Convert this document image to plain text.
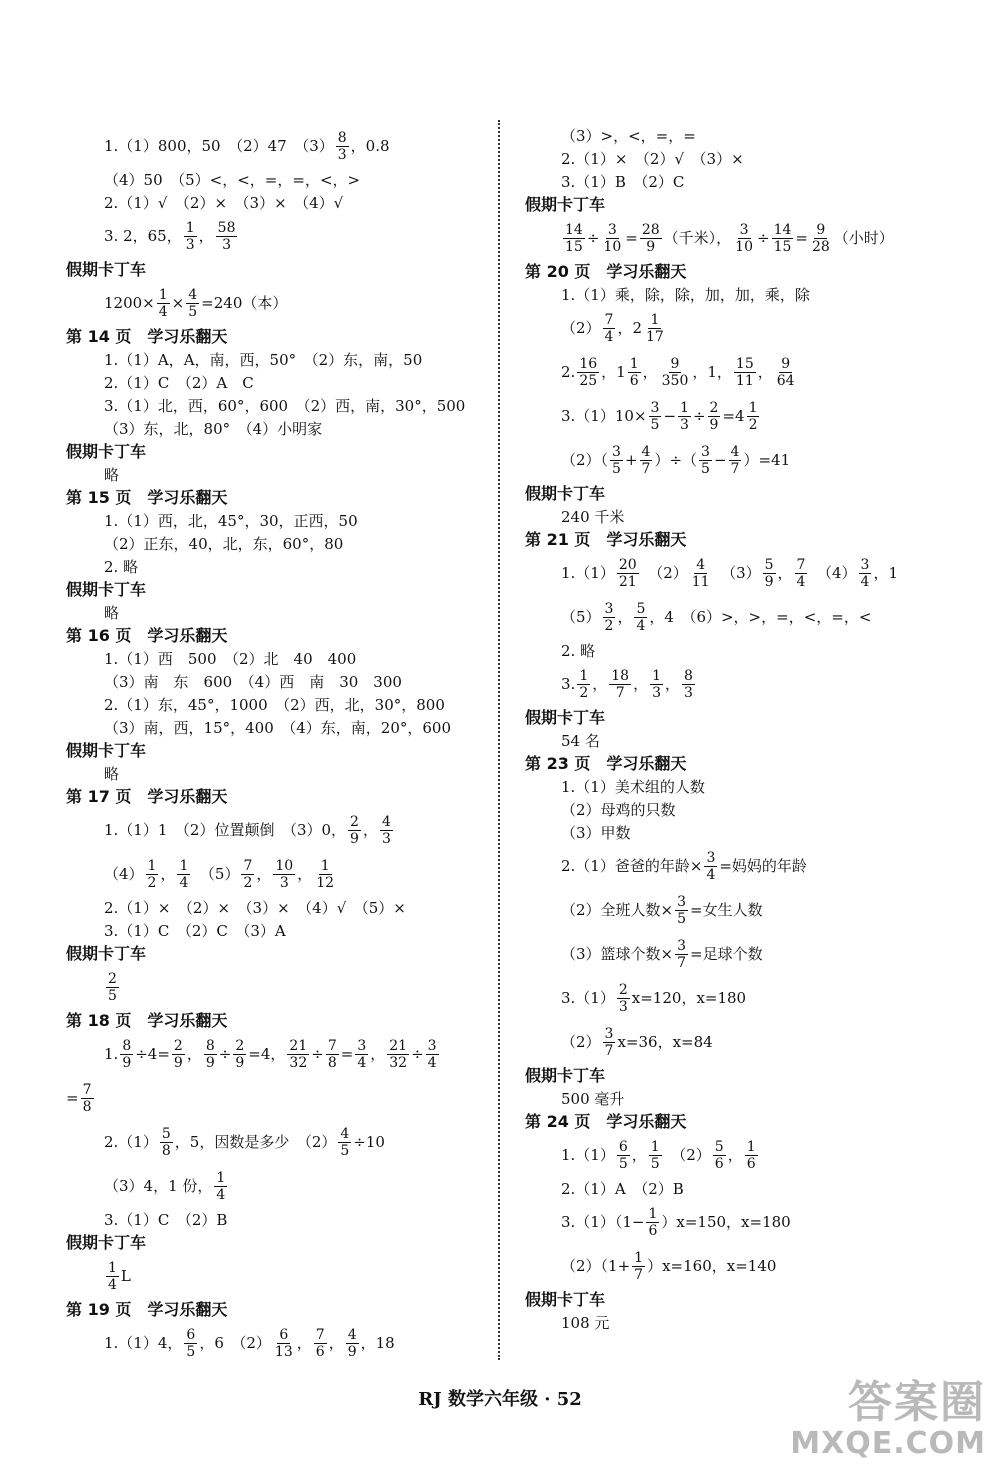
1.（1）800，50　（2）47　$(3) \frac{8}{3}$ ，0.8
（4）50　（5）<，<，=，=，<，>
2.（1）√　（2）×　（3）×　（4）√
3. 2，65， $\frac{1}{3}$ ， $\frac{58}{3}$
假期卡丁车
$1200\times \frac{1}{4} \times \frac{4}{5} =240$（本）
第 14 页　学习乐翻天
1.（1）A，A，南，西，50°　（2）东，南，50
2.（1）C　（2）A　C
3.（1）北，西，60°，600　（2）西，南，30°，500
（3）东，北，80°　（4）小明家
假期卡丁车
略
第 15 页　学习乐翻天
1.（1）西，北，45°，30，正西，50
（2）正东，40，北，东，60°，80
2. 略
假期卡丁车
略
第 16 页　学习乐翻天
1.（1）西　500　（2）北　40　400
（3）南　东　600　（4）西　南　30　300
2.（1）东，45°，1000　（2）西，北，30°，800
（3）南，西，15°，400　（4）东，南，20°，600
假期卡丁车
略
第 17 页　学习乐翻天
1.（1）1　（2）位置颠倒　（3）0， $\frac{2}{9}$ ， $\frac{4}{3}$
$(4) \frac{1}{2}$ ， $\frac{1}{4}$ 　$(5) \frac{7}{2}$ ， $\frac{10}{3}$ ， $\frac{1}{12}$
2.（1）×　（2）×　（3）×　（4）√　（5）×
3.（1）C　（2）C　（3）A
假期卡丁车
$\frac{2}{5}$
第 18 页　学习乐翻天
1. $\frac{8}{9} \div 4= \frac{2}{9}$ ， $\frac{8}{9} \div \frac{2}{9} =4$， $\frac{21}{32} \div \frac{7}{8} = \frac{3}{4}$ ， $\frac{21}{32} \div \frac{3}{4}$
= $\frac{7}{8}$
$2.(1) \frac{5}{8}$ ，5，因数是多少　$(2) \frac{4}{5} \div 10$
（3）4，1 份， $\frac{1}{4}$
3.（1）C　（2）B
假期卡丁车
$\frac{1}{4}$ L
第 19 页　学习乐翻天
1.（1）4， $\frac{6}{5}$ ，6　$(2) \frac{6}{13}$ ， $\frac{7}{6}$ ， $\frac{4}{9}$ ，18
（3）>，<，=，=
2.（1）×　（2）√　（3）×
3.（1）B　（2）C
假期卡丁车
$\frac{14}{15} \div \frac{3}{10} = \frac{28}{9}$ （千米）， $\frac{3}{10} \div \frac{14}{15} = \frac{9}{28}$ （小时）
第 20 页　学习乐翻天
1.（1）乘，除，除，加，加，乘，除
$(2) \frac{7}{4}$ ，$2 \frac{1}{17}$
2. $\frac{16}{25}$ ，$1 \frac{1}{6}$ ， $\frac{9}{350}$ ，1， $\frac{15}{11}$ ， $\frac{9}{64}$
$3.(1)10\times \frac{3}{5} - \frac{1}{3} \div \frac{2}{9} =4 \frac{1}{2}$
$(2)( \frac{3}{5} + \frac{4}{7}$ ）÷（ $\frac{3}{5} - \frac{4}{7} )=41$
假期卡丁车
240 千米
第 21 页　学习乐翻天
$1.(1) \frac{20}{21}$ 　$(2) \frac{4}{11}$ 　$(3) \frac{5}{9}$ ， $\frac{7}{4}$ 　$(4) \frac{3}{4}$ ，1
$(5) \frac{3}{2}$ ， $\frac{5}{4}$ ，4　（6）>，>，=，<，=，<
2. 略
3. $\frac{1}{2}$ ， $\frac{18}{7}$ ， $\frac{1}{3}$ ， $\frac{8}{3}$
假期卡丁车
54 名
第 23 页　学习乐翻天
1.（1）美术组的人数
（2）母鸡的只数
（3）甲数
2.（1）爸爸的年龄× $\frac{3}{4}$ =妈妈的年龄
（2）全班人数× $\frac{3}{5}$ =女生人数
（3）篮球个数× $\frac{3}{7}$ =足球个数
$3.(1) \frac{2}{3} x=120$，x=180
$(2) \frac{3}{7} x=36$，x=84
假期卡丁车
500 毫升
第 24 页　学习乐翻天
$1.(1) \frac{6}{5}$ ， $\frac{1}{5}$ 　$(2) \frac{5}{6}$ ， $\frac{1}{6}$
2.（1）A　（2）B
$3.(1)(1- \frac{1}{6} )x=150$，x=180
$(2)(1+ \frac{1}{7} )x=160$，x=140
假期卡丁车
108 元
RJ 数学六年级 · 52	答案圈
MXQE.COM
